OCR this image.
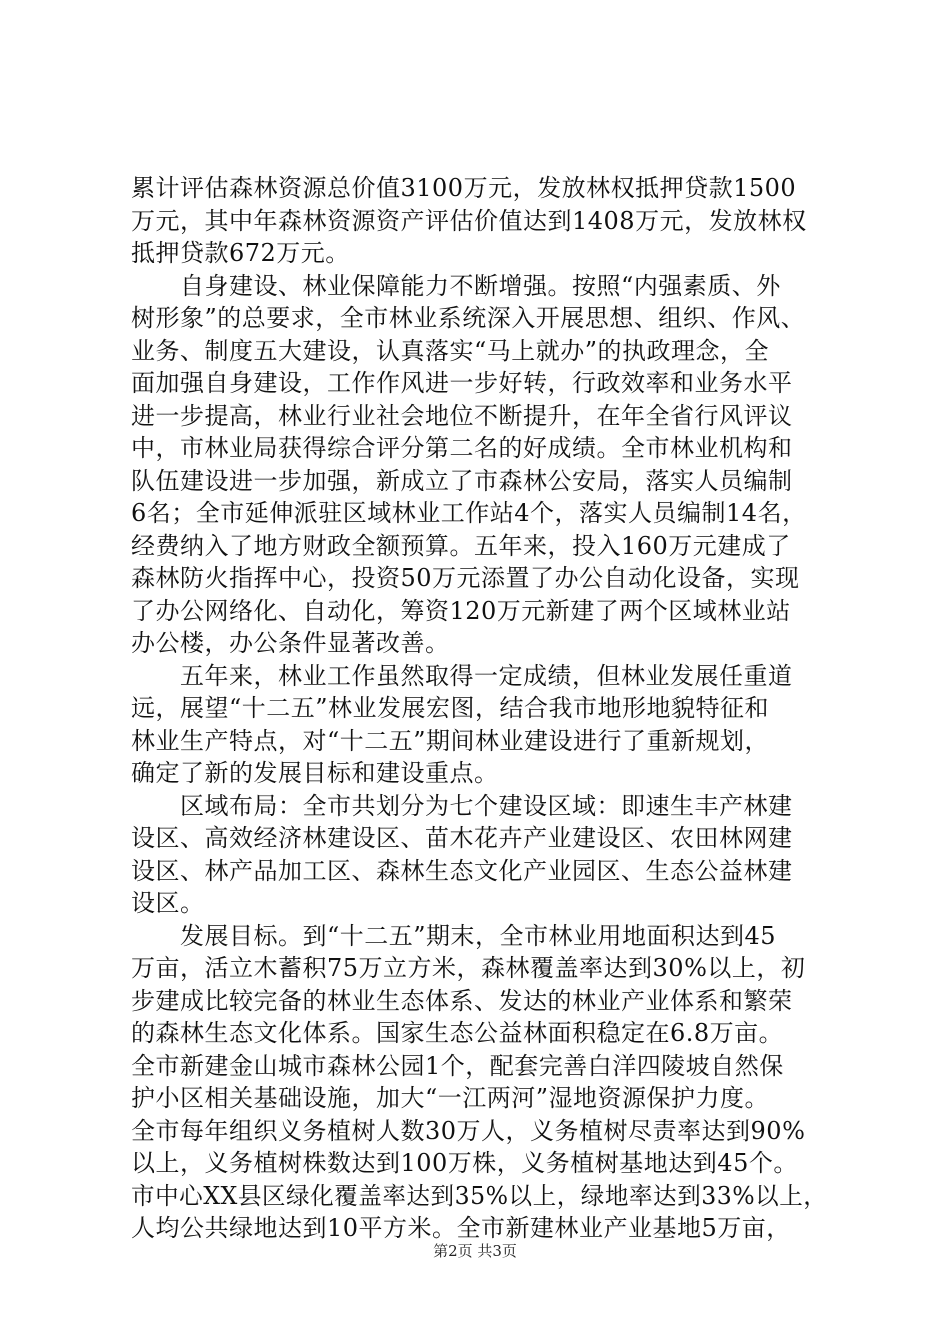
累计评估森林资源总价值3100万元，发放林权抵押贷款1500
万元，其中年森林资源资产评估价值达到1408万元，发放林权
抵押贷款672万元。
　　自身建设、林业保障能力不断增强。按照“内强素质、外
树形象”的总要求，全市林业系统深入开展思想、组织、作风、
业务、制度五大建设，认真落实“马上就办”的执政理念，全
面加强自身建设，工作作风进一步好转，行政效率和业务水平
进一步提高，林业行业社会地位不断提升，在年全省行风评议
中，市林业局获得综合评分第二名的好成绩。全市林业机构和
队伍建设进一步加强，新成立了市森林公安局，落实人员编制
6名；全市延伸派驻区域林业工作站4个，落实人员编制14名，
经费纳入了地方财政全额预算。五年来，投入160万元建成了
森林防火指挥中心，投资50万元添置了办公自动化设备，实现
了办公网络化、自动化，筹资120万元新建了两个区域林业站
办公楼，办公条件显著改善。
　　五年来，林业工作虽然取得一定成绩，但林业发展任重道
远，展望“十二五”林业发展宏图，结合我市地形地貌特征和
林业生产特点，对“十二五”期间林业建设进行了重新规划，
确定了新的发展目标和建设重点。
　　区域布局：全市共划分为七个建设区域：即速生丰产林建
设区、高效经济林建设区、苗木花卉产业建设区、农田林网建
设区、林产品加工区、森林生态文化产业园区、生态公益林建
设区。
　　发展目标。到“十二五”期末，全市林业用地面积达到45
万亩，活立木蓄积75万立方米，森林覆盖率达到30%以上，初
步建成比较完备的林业生态体系、发达的林业产业体系和繁荣
的森林生态文化体系。国家生态公益林面积稳定在6.8万亩。
全市新建金山城市森林公园1个，配套完善白洋四陵坡自然保
护小区相关基础设施，加大“一江两河”湿地资源保护力度。
全市每年组织义务植树人数30万人，义务植树尽责率达到90%
以上，义务植树株数达到100万株，义务植树基地达到45个。
市中心XX县区绿化覆盖率达到35%以上，绿地率达到33%以上，
人均公共绿地达到10平方米。全市新建林业产业基地5万亩，
第2页 共3页
